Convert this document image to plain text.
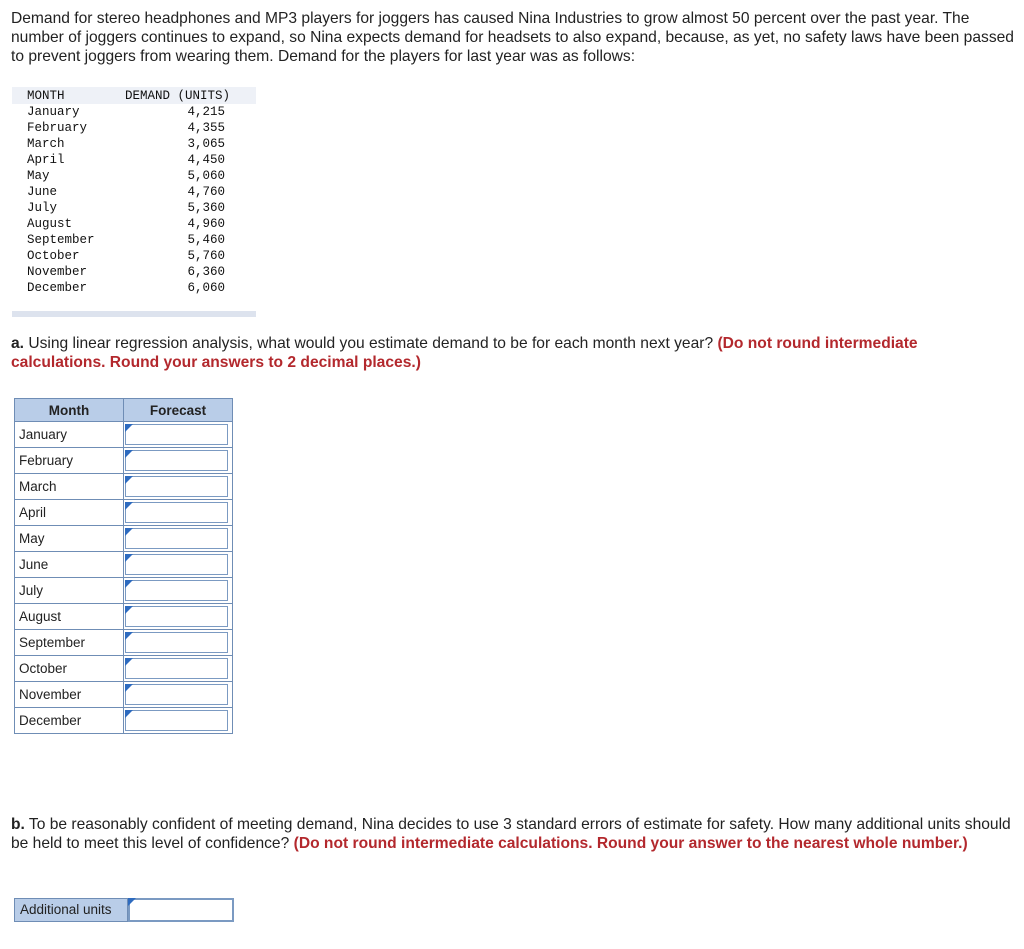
Demand for stereo headphones and MP3 players for joggers has caused Nina Industries to grow almost 50 percent over the past year. The number of joggers continues to expand, so Nina expects demand for headsets to also expand, because, as yet, no safety laws have been passed to prevent joggers from wearing them. Demand for the players for last year was as follows:
MONTH	DEMAND (UNITS)
January	4,215
February	4,355
March	3,065
April	4,450
May	5,060
June	4,760
July	5,360
August	4,960
September	5,460
October	5,760
November	6,360
December	6,060
a. Using linear regression analysis, what would you estimate demand to be for each month next year? (Do not round intermediate calculations. Round your answers to 2 decimal places.)
Month	Forecast
January	

February	

March	

April	

May	

June	

July	

August	

September	

October	

November	

December	
b. To be reasonably confident of meeting demand, Nina decides to use 3 standard errors of estimate for safety. How many additional units should be held to meet this level of confidence? (Do not round intermediate calculations. Round your answer to the nearest whole number.)
Additional units
